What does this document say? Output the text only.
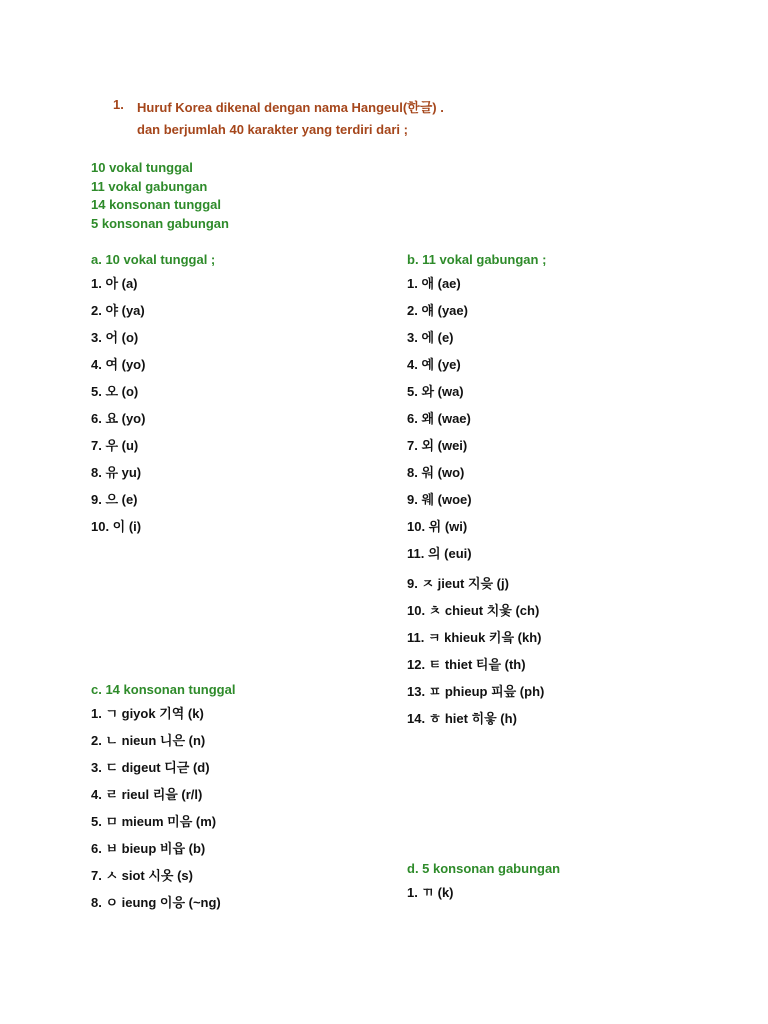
1. Huruf Korea dikenal dengan nama Hangeul(한글) .
dan berjumlah 40 karakter yang terdiri dari ;
10 vokal tunggal
11 vokal gabungan
14 konsonan tunggal
5 konsonan gabungan
a. 10 vokal tunggal ;
1. 아 (a)
2. 야 (ya)
3. 어 (o)
4. 여 (yo)
5. 오 (o)
6. 요 (yo)
7. 우 (u)
8. 유 yu)
9. 으 (e)
10. 이 (i)
b. 11 vokal gabungan ;
1. 애 (ae)
2. 얘 (yae)
3. 에 (e)
4. 예 (ye)
5. 와 (wa)
6. 왜 (wae)
7. 외 (wei)
8. 워 (wo)
9. 웨 (woe)
10. 위 (wi)
11. 의 (eui)
9. ㅈ jieut 지읒 (j)
10. ㅊ chieut 치읓 (ch)
11. ㅋ khieuk 키읔 (kh)
12. ㅌ thiet 티읕 (th)
13. ㅍ phieup 피읖 (ph)
14. ㅎ hiet 히읗 (h)
c. 14 konsonan tunggal
1. ㄱ giyok 기역 (k)
2. ㄴ nieun 니은 (n)
3. ㄷ digeut 디귿 (d)
4. ㄹ rieul 리을 (r/l)
5. ㅁ mieum 미음 (m)
6. ㅂ bieup 비읍 (b)
7. ㅅ siot 시옷 (s)
8. ㅇ ieung 이응 (~ng)
d. 5 konsonan gabungan
1. ㄲ (k)
